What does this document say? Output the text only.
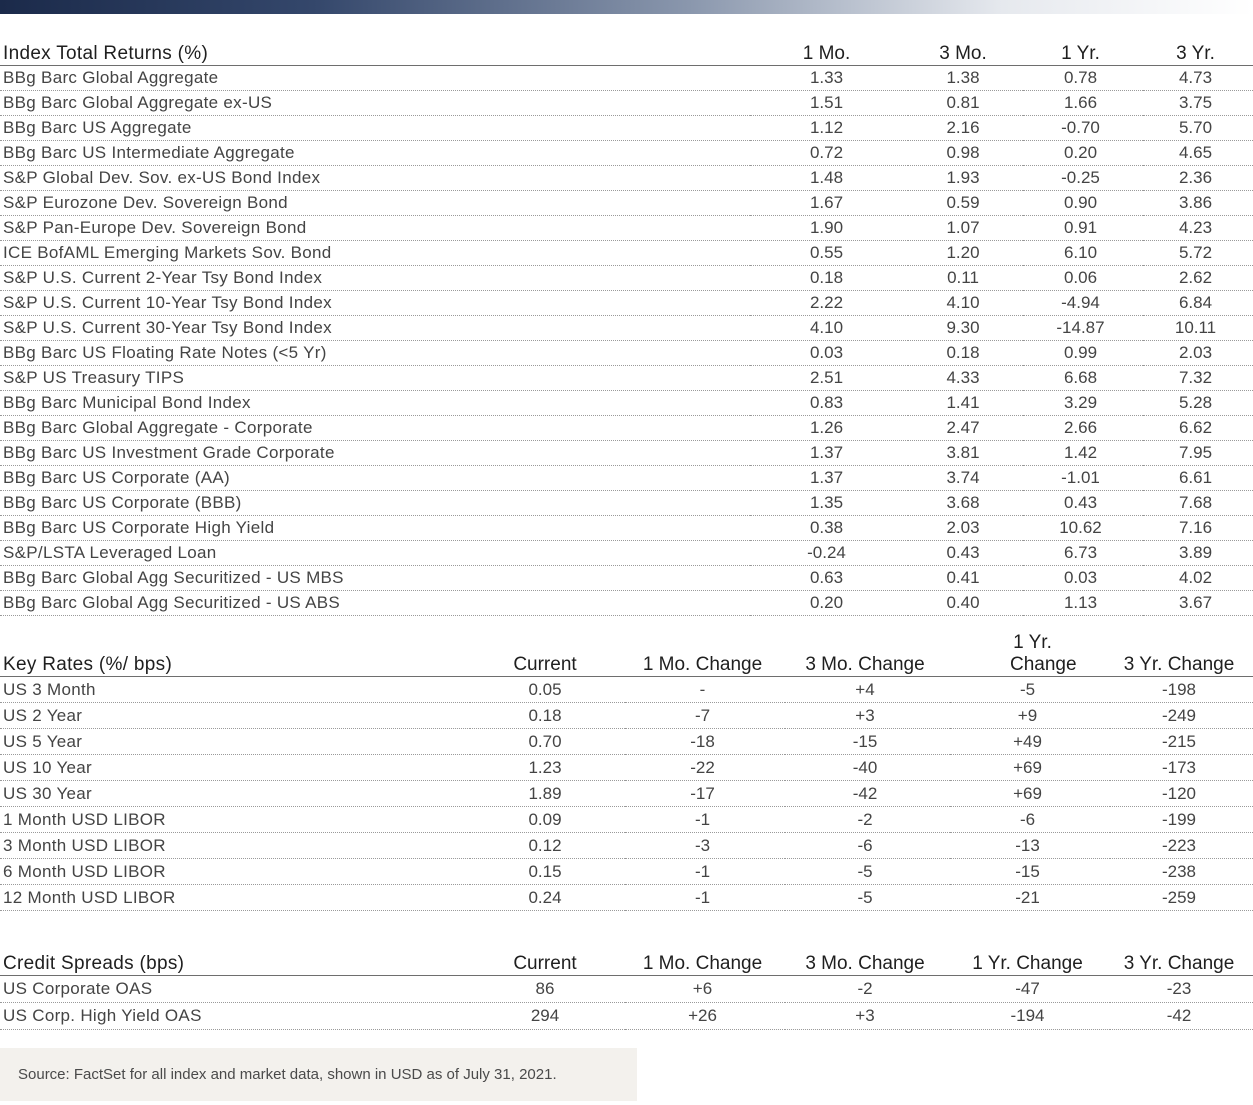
Index Total Returns (%)	1 Mo.	3 Mo.	1 Yr.	3 Yr.
BBg Barc Global Aggregate	1.33	1.38	0.78	4.73
BBg Barc Global Aggregate ex-US	1.51	0.81	1.66	3.75
BBg Barc US Aggregate	1.12	2.16	-0.70	5.70
BBg Barc US Intermediate Aggregate	0.72	0.98	0.20	4.65
S&P Global Dev. Sov. ex-US Bond Index	1.48	1.93	-0.25	2.36
S&P Eurozone Dev. Sovereign Bond	1.67	0.59	0.90	3.86
S&P Pan-Europe Dev. Sovereign Bond	1.90	1.07	0.91	4.23
ICE BofAML Emerging Markets Sov. Bond	0.55	1.20	6.10	5.72
S&P U.S. Current 2-Year Tsy Bond Index	0.18	0.11	0.06	2.62
S&P U.S. Current 10-Year Tsy Bond Index	2.22	4.10	-4.94	6.84
S&P U.S. Current 30-Year Tsy Bond Index	4.10	9.30	-14.87	10.11
BBg Barc US Floating Rate Notes (<5 Yr)	0.03	0.18	0.99	2.03
S&P US Treasury TIPS	2.51	4.33	6.68	7.32
BBg Barc Municipal Bond Index	0.83	1.41	3.29	5.28
BBg Barc Global Aggregate - Corporate	1.26	2.47	2.66	6.62
BBg Barc US Investment Grade Corporate	1.37	3.81	1.42	7.95
BBg Barc US Corporate (AA)	1.37	3.74	-1.01	6.61
BBg Barc US Corporate (BBB)	1.35	3.68	0.43	7.68
BBg Barc US Corporate High Yield	0.38	2.03	10.62	7.16
S&P/LSTA Leveraged Loan	-0.24	0.43	6.73	3.89
BBg Barc Global Agg Securitized - US MBS	0.63	0.41	0.03	4.02
BBg Barc Global Agg Securitized - US ABS	0.20	0.40	1.13	3.67
Key Rates (%/ bps)	Current	1 Mo. Change	3 Mo. Change	1 Yr. Change	3 Yr. Change
US 3 Month	0.05	-	+4	-5	-198
US 2 Year	0.18	-7	+3	+9	-249
US 5 Year	0.70	-18	-15	+49	-215
US 10 Year	1.23	-22	-40	+69	-173
US 30 Year	1.89	-17	-42	+69	-120
1 Month USD LIBOR	0.09	-1	-2	-6	-199
3 Month USD LIBOR	0.12	-3	-6	-13	-223
6 Month USD LIBOR	0.15	-1	-5	-15	-238
12 Month USD LIBOR	0.24	-1	-5	-21	-259
Credit Spreads (bps)	Current	1 Mo. Change	3 Mo. Change	1 Yr. Change	3 Yr. Change
US Corporate OAS	86	+6	-2	-47	-23
US Corp. High Yield OAS	294	+26	+3	-194	-42
Source: FactSet for all index and market data, shown in USD as of July 31, 2021.
